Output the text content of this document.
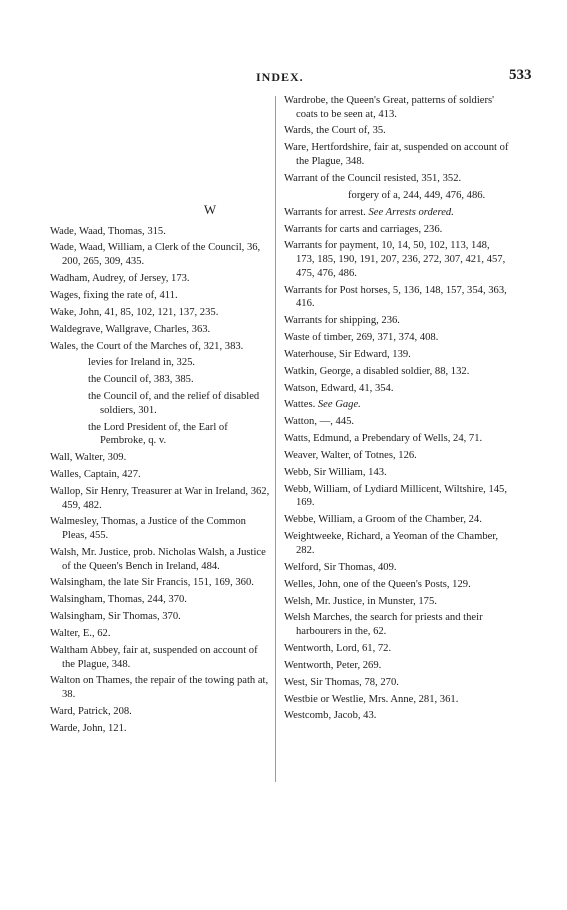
INDEX.	533
W
Wade, Waad, Thomas, 315.
Wade, Waad, William, a Clerk of the Council, 36, 200, 265, 309, 435.
Wadham, Audrey, of Jersey, 173.
Wages, fixing the rate of, 411.
Wake, John, 41, 85, 102, 121, 137, 235.
Waldegrave, Wallgrave, Charles, 363.
Wales, the Court of the Marches of, 321, 383.
levies for Ireland in, 325.
the Council of, 383, 385.
the Council of, and the relief of disabled soldiers, 301.
the Lord President of, the Earl of Pembroke, q. v.
Wall, Walter, 309.
Walles, Captain, 427.
Wallop, Sir Henry, Treasurer at War in Ireland, 362, 459, 482.
Walmesley, Thomas, a Justice of the Common Pleas, 455.
Walsh, Mr. Justice, prob. Nicholas Walsh, a Justice of the Queen's Bench in Ireland, 484.
Walsingham, the late Sir Francis, 151, 169, 360.
Walsingham, Thomas, 244, 370.
Walsingham, Sir Thomas, 370.
Walter, E., 62.
Waltham Abbey, fair at, suspended on account of the Plague, 348.
Walton on Thames, the repair of the towing path at, 38.
Ward, Patrick, 208.
Warde, John, 121.
Wardrobe, the Queen's Great, patterns of soldiers' coats to be seen at, 413.
Wards, the Court of, 35.
Ware, Hertfordshire, fair at, suspended on account of the Plague, 348.
Warrant of the Council resisted, 351, 352.
forgery of a, 244, 449, 476, 486.
Warrants for arrest. See Arrests ordered.
Warrants for carts and carriages, 236.
Warrants for payment, 10, 14, 50, 102, 113, 148, 173, 185, 190, 191, 207, 236, 272, 307, 421, 457, 475, 476, 486.
Warrants for Post horses, 5, 136, 148, 157, 354, 363, 416.
Warrants for shipping, 236.
Waste of timber, 269, 371, 374, 408.
Waterhouse, Sir Edward, 139.
Watkin, George, a disabled soldier, 88, 132.
Watson, Edward, 41, 354.
Wattes. See Gage.
Watton, —, 445.
Watts, Edmund, a Prebendary of Wells, 24, 71.
Weaver, Walter, of Totnes, 126.
Webb, Sir William, 143.
Webb, William, of Lydiard Millicent, Wiltshire, 145, 169.
Webbe, William, a Groom of the Chamber, 24.
Weightweeke, Richard, a Yeoman of the Chamber, 282.
Welford, Sir Thomas, 409.
Welles, John, one of the Queen's Posts, 129.
Welsh, Mr. Justice, in Munster, 175.
Welsh Marches, the search for priests and their harbourers in the, 62.
Wentworth, Lord, 61, 72.
Wentworth, Peter, 269.
West, Sir Thomas, 78, 270.
Westbie or Westlie, Mrs. Anne, 281, 361.
Westcomb, Jacob, 43.
